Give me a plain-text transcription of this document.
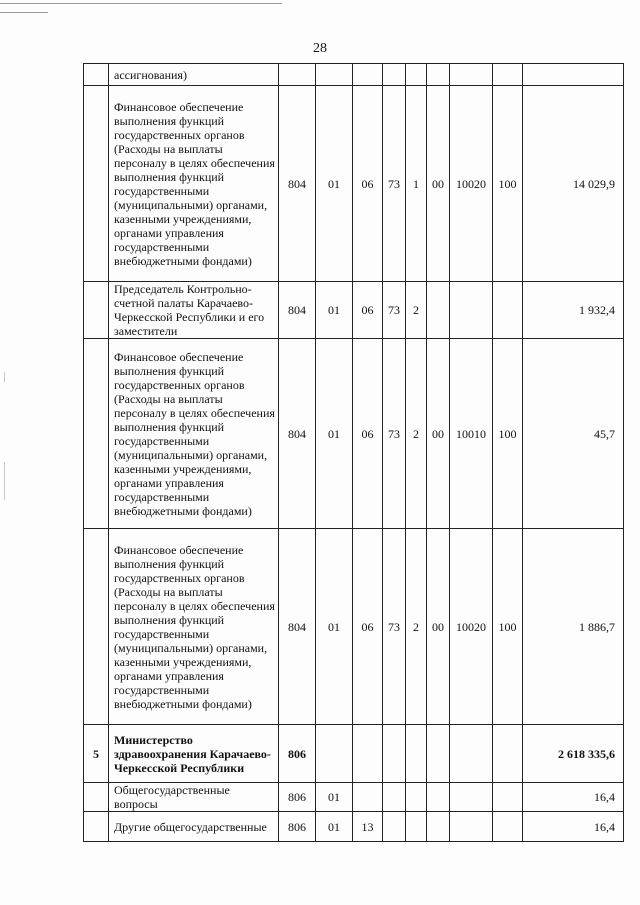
28
	ассигнования)									
	Финансовое обеспечение выполнения функций государственных органов (Расходы на выплаты персоналу в целях обеспечения выполнения функций государственными (муниципальными) органами, казенными учреждениями, органами управления государственными внебюджетными фондами)	804	01	06	73	1	00	10020	100	14 029,9
	Председатель Контрольно-счетной палаты Карачаево-Черкесской Республики и его заместители	804	01	06	73	2				1 932,4
	Финансовое обеспечение выполнения функций государственных органов (Расходы на выплаты персоналу в целях обеспечения выполнения функций государственными (муниципальными) органами, казенными учреждениями, органами управления государственными внебюджетными фондами)	804	01	06	73	2	00	10010	100	45,7
	Финансовое обеспечение выполнения функций государственных органов (Расходы на выплаты персоналу в целях обеспечения выполнения функций государственными (муниципальными) органами, казенными учреждениями, органами управления государственными внебюджетными фондами)	804	01	06	73	2	00	10020	100	1 886,7
5	Министерство здравоохранения Карачаево-Черкесской Республики	806								2 618 335,6
	Общегосударственные вопросы	806	01							16,4
	Другие общегосударственные	806	01	13						16,4
